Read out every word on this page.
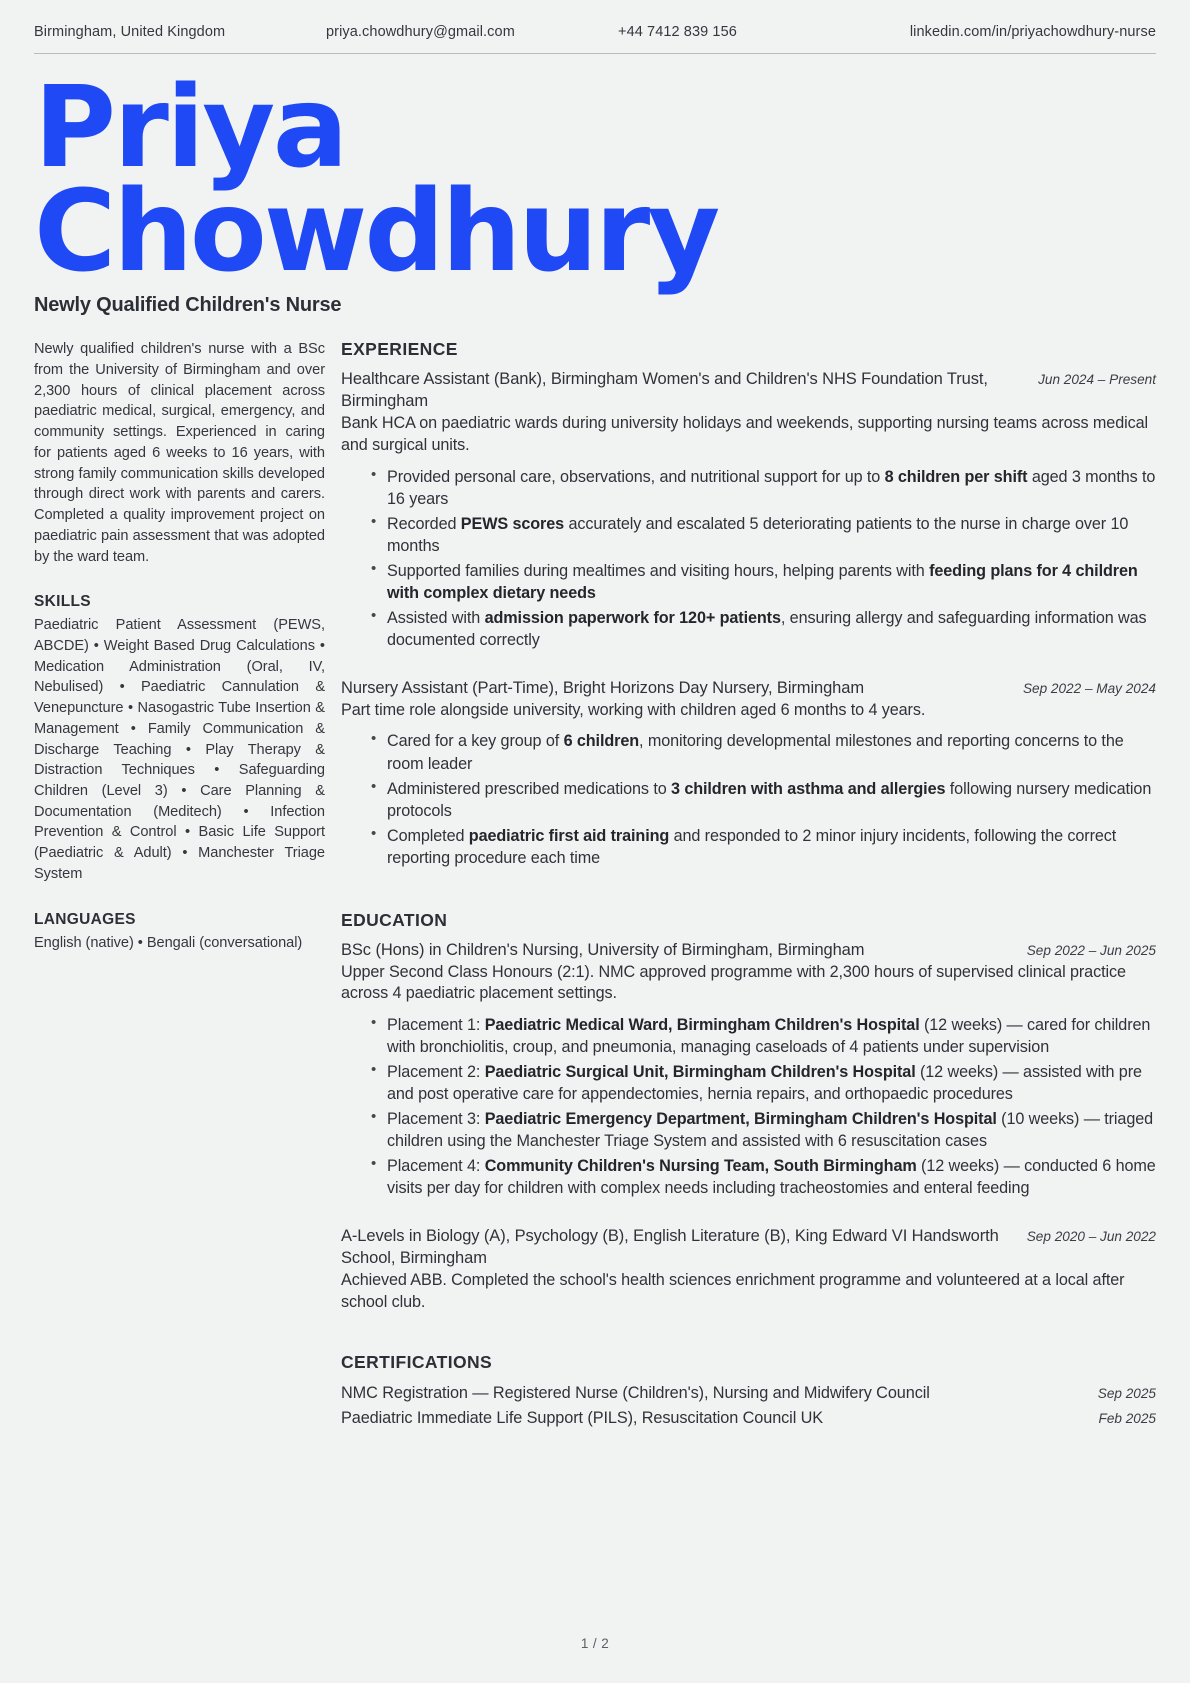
Birmingham, United Kingdom	priya.chowdhury@gmail.com	+44 7412 839 156	linkedin.com/in/priyachowdhury-nurse
Priya
Chowdhury
Newly Qualified Children's Nurse
Newly qualified children's nurse with a BSc from the University of Birmingham and over 2,300 hours of clinical placement across paediatric medical, surgical, emergency, and community settings. Experienced in caring for patients aged 6 weeks to 16 years, with strong family communication skills developed through direct work with parents and carers. Completed a quality improvement project on paediatric pain assessment that was adopted by the ward team.
SKILLS
Paediatric Patient Assessment (PEWS, ABCDE) • Weight Based Drug Calculations • Medication Administration (Oral, IV, Nebulised) • Paediatric Cannulation & Venepuncture • Nasogastric Tube Insertion & Management • Family Communication & Discharge Teaching • Play Therapy & Distraction Techniques • Safeguarding Children (Level 3) • Care Planning & Documentation (Meditech) • Infection Prevention & Control • Basic Life Support (Paediatric & Adult) • Manchester Triage System
LANGUAGES
English (native) • Bengali (conversational)
EXPERIENCE
Healthcare Assistant (Bank), Birmingham Women's and Children's NHS Foundation Trust, Birmingham
Jun 2024 – Present
Bank HCA on paediatric wards during university holidays and weekends, supporting nursing teams across medical and surgical units.
• Provided personal care, observations, and nutritional support for up to 8 children per shift aged 3 months to 16 years
• Recorded PEWS scores accurately and escalated 5 deteriorating patients to the nurse in charge over 10 months
• Supported families during mealtimes and visiting hours, helping parents with feeding plans for 4 children with complex dietary needs
• Assisted with admission paperwork for 120+ patients, ensuring allergy and safeguarding information was documented correctly
Nursery Assistant (Part-Time), Bright Horizons Day Nursery, Birmingham	Sep 2022 – May 2024
Part time role alongside university, working with children aged 6 months to 4 years.
• Cared for a key group of 6 children, monitoring developmental milestones and reporting concerns to the room leader
• Administered prescribed medications to 3 children with asthma and allergies following nursery medication protocols
• Completed paediatric first aid training and responded to 2 minor injury incidents, following the correct reporting procedure each time
EDUCATION
BSc (Hons) in Children's Nursing, University of Birmingham, Birmingham	Sep 2022 – Jun 2025
Upper Second Class Honours (2:1). NMC approved programme with 2,300 hours of supervised clinical practice across 4 paediatric placement settings.
• Placement 1: Paediatric Medical Ward, Birmingham Children's Hospital (12 weeks) — cared for children with bronchiolitis, croup, and pneumonia, managing caseloads of 4 patients under supervision
• Placement 2: Paediatric Surgical Unit, Birmingham Children's Hospital (12 weeks) — assisted with pre and post operative care for appendectomies, hernia repairs, and orthopaedic procedures
• Placement 3: Paediatric Emergency Department, Birmingham Children's Hospital (10 weeks) — triaged children using the Manchester Triage System and assisted with 6 resuscitation cases
• Placement 4: Community Children's Nursing Team, South Birmingham (12 weeks) — conducted 6 home visits per day for children with complex needs including tracheostomies and enteral feeding
A-Levels in Biology (A), Psychology (B), English Literature (B), King Edward VI Handsworth School, Birmingham
Sep 2020 – Jun 2022
Achieved ABB. Completed the school's health sciences enrichment programme and volunteered at a local after school club.
CERTIFICATIONS
NMC Registration — Registered Nurse (Children's), Nursing and Midwifery Council	Sep 2025
Paediatric Immediate Life Support (PILS), Resuscitation Council UK	Feb 2025
1 / 2
